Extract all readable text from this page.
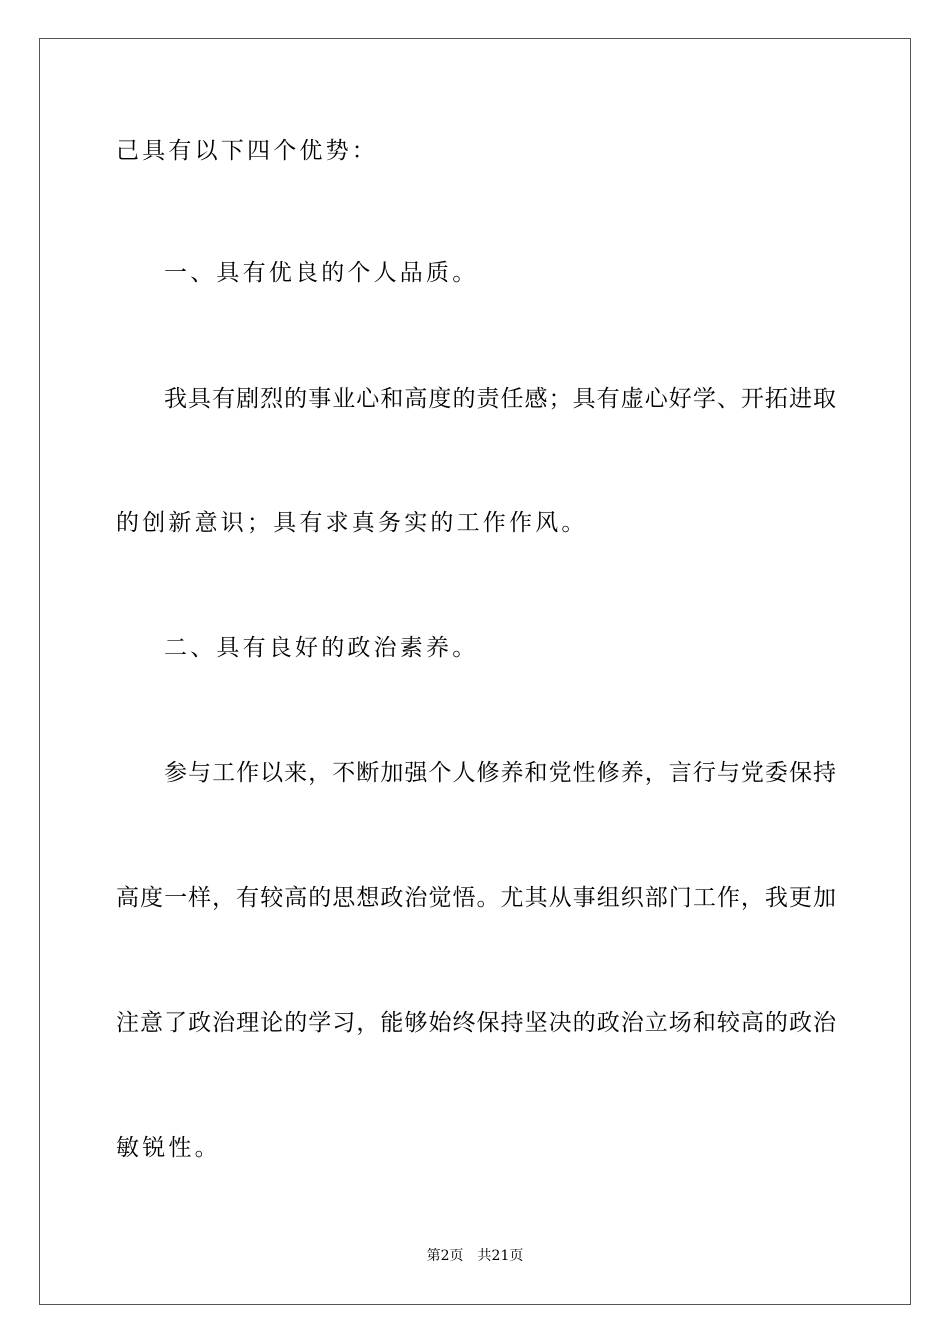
己具有以下四个优势：
一、具有优良的个人品质。
我具有剧烈的事业心和高度的责任感；具有虚心好学、开拓进取
的创新意识；具有求真务实的工作作风。
二、具有良好的政治素养。
参与工作以来，不断加强个人修养和党性修养，言行与党委保持
高度一样，有较高的思想政治觉悟。尤其从事组织部门工作，我更加
注意了政治理论的学习，能够始终保持坚决的政治立场和较高的政治
敏锐性。
第2页 共21页
